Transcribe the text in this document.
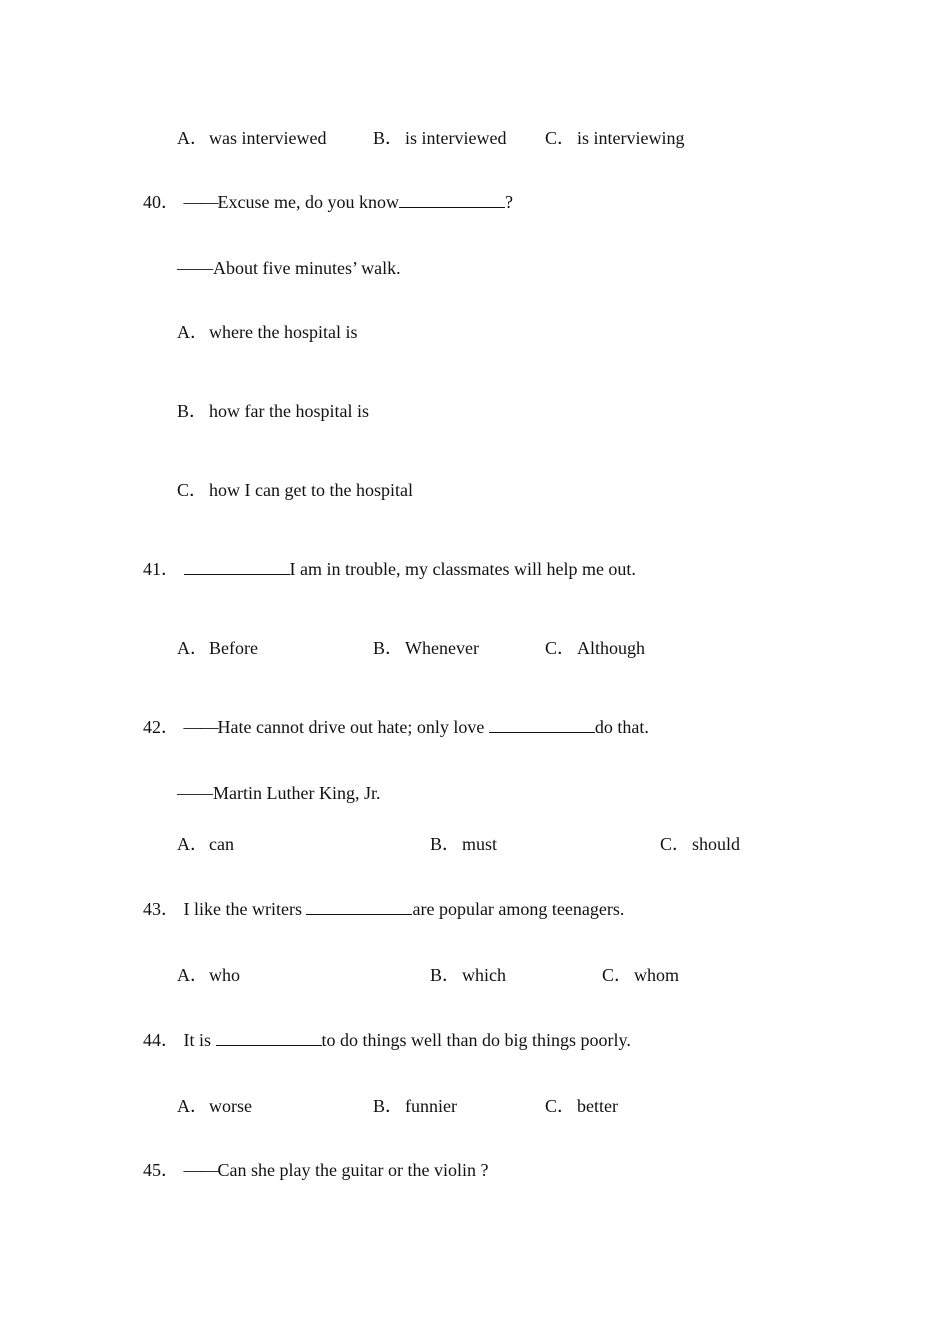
A．was interviewed	B． is interviewed C． is interviewing
40． ——Excuse me, do you know	?
——About five minutes’ walk.
A．where the hospital is
B． how far the hospital is
C． how I can get to the hospital
41．	I am in trouble, my classmates will help me out.
A．Before	B． Whenever	C． Although
42． ——Hate cannot drive out hate; only love	do that.
——Martin Luther King, Jr.
A．can	B． must	C． should
43． I like the writers	are popular among teenagers.
A．who	B． which	C． whom
44． It is	to do things well than do big things poorly.
A．worse	B． funnier	C． better
45． ——Can she play the guitar or the violin ?
